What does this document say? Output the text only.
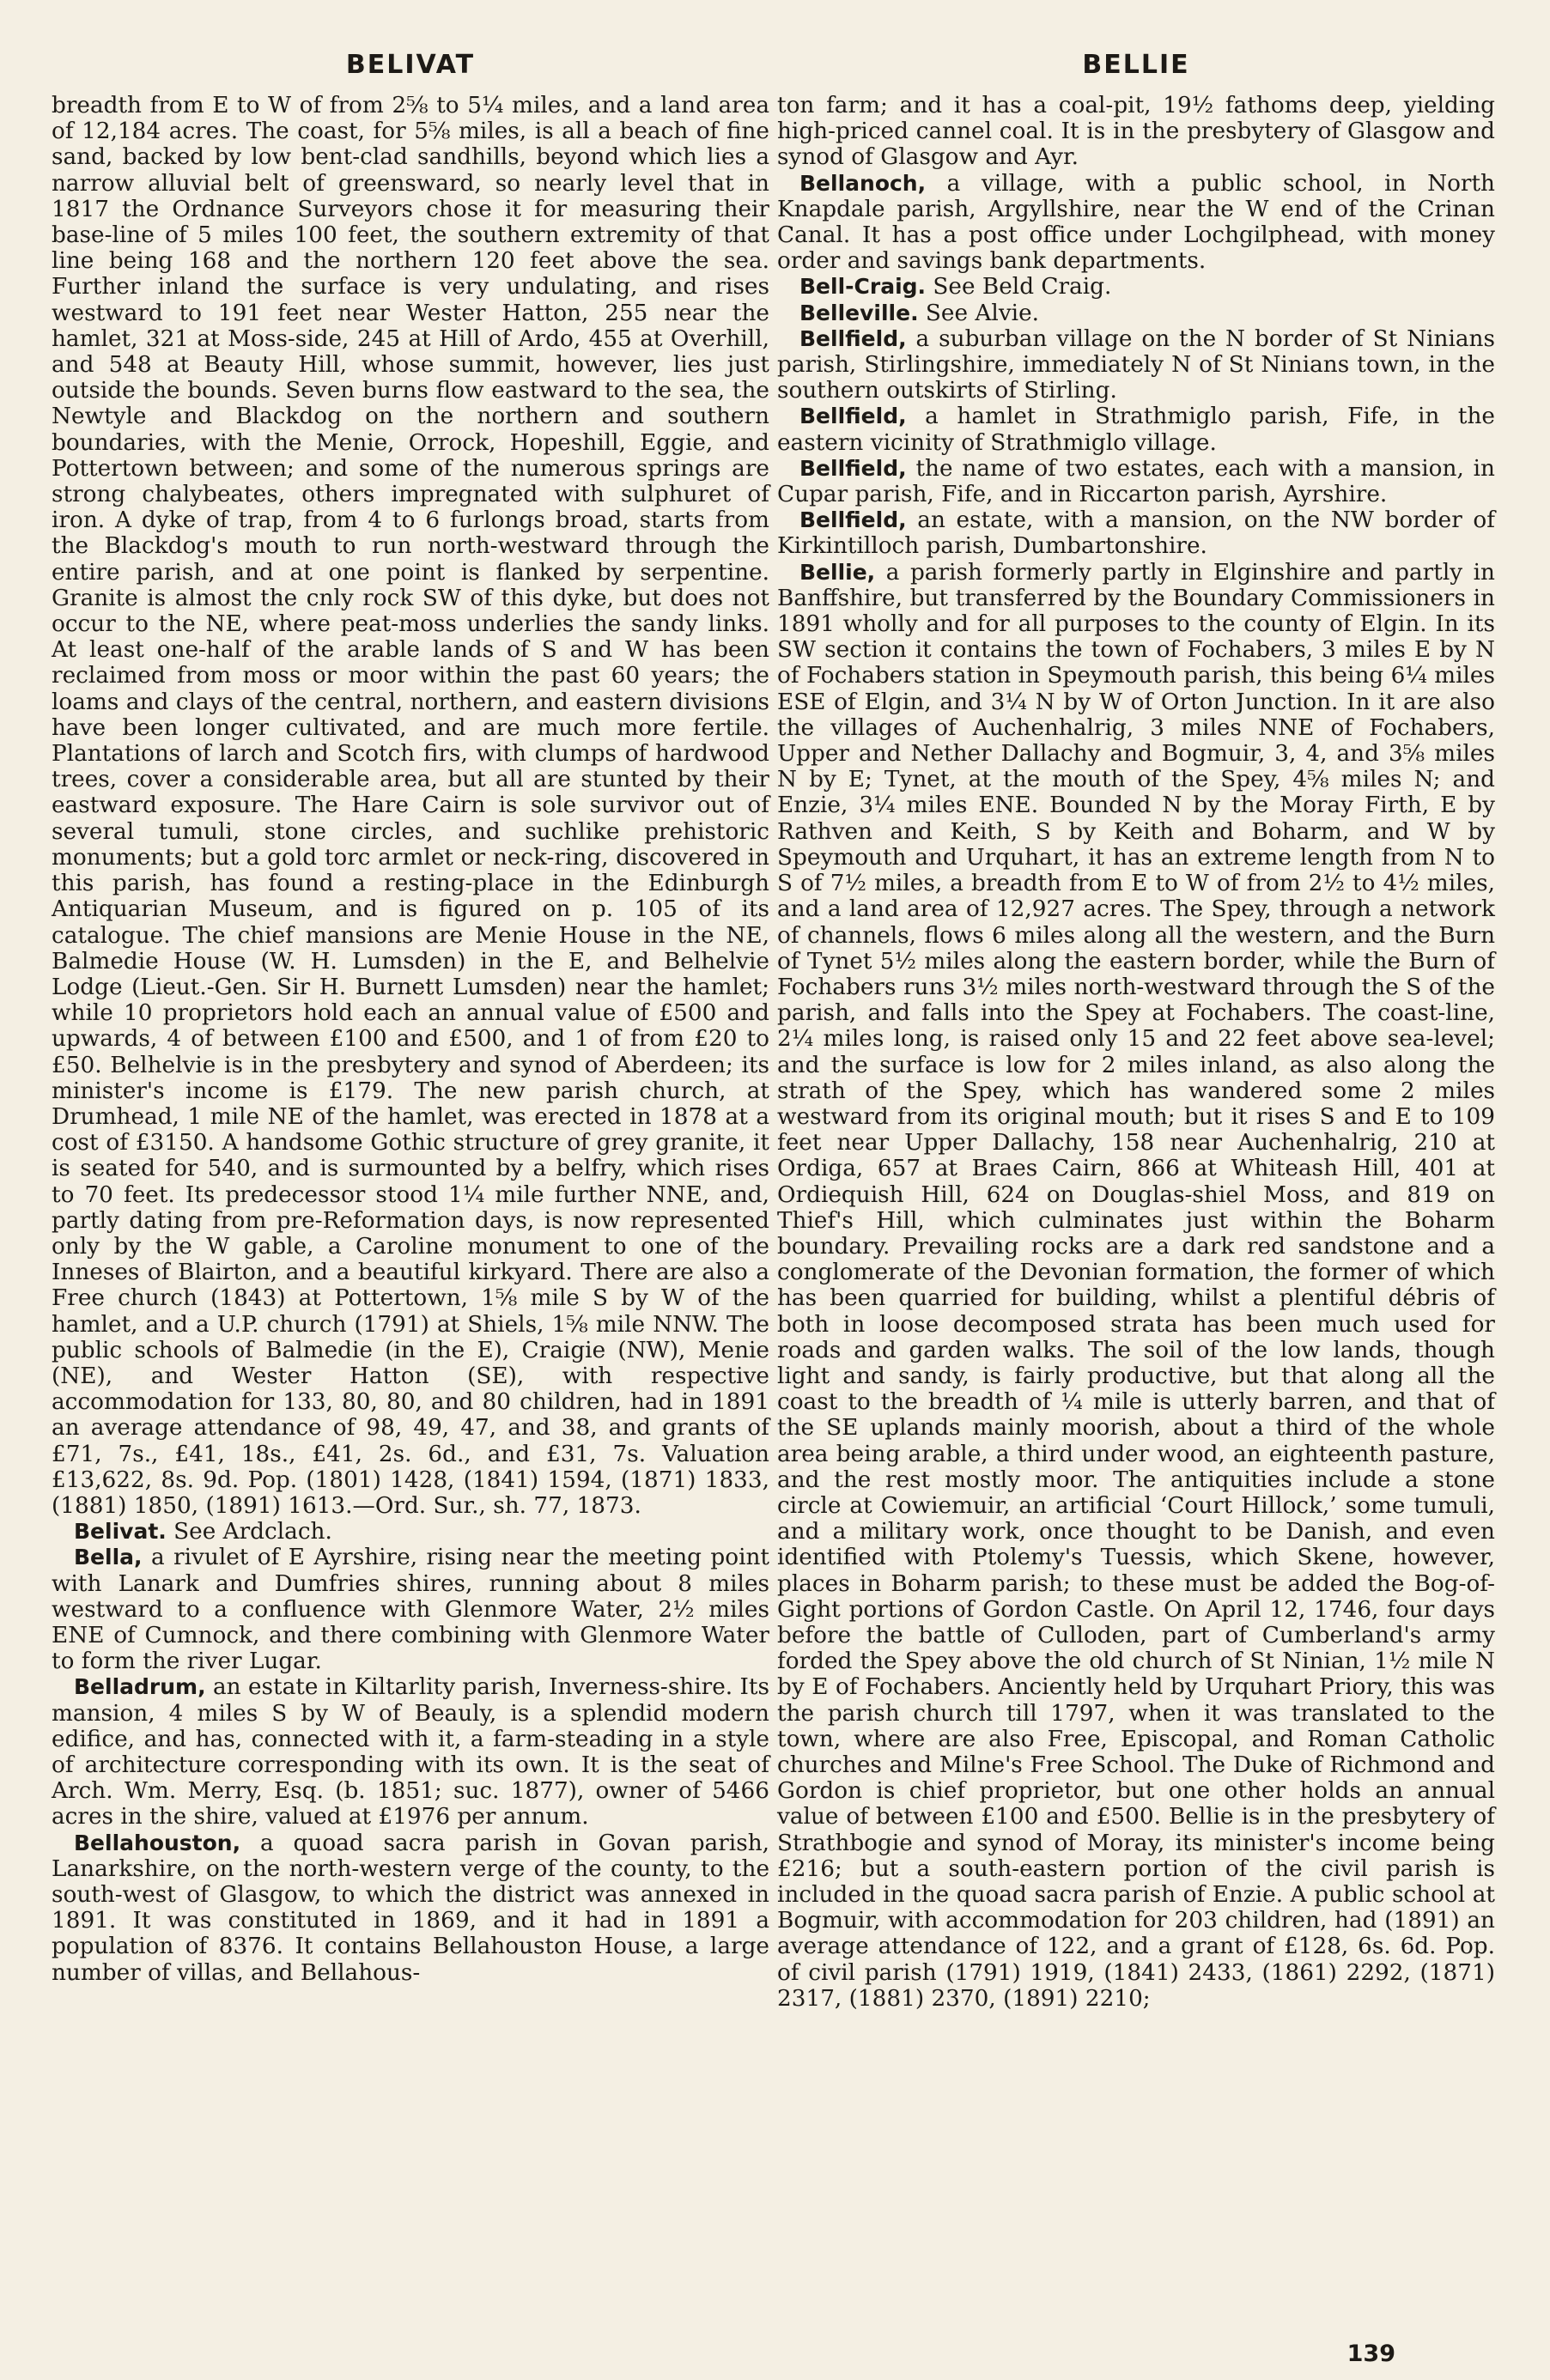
BELIVAT	BELLIE

breadth from E to W of from 2⅝ to 5¼ miles, and a land area of 12,184 acres. The coast, for 5⅝ miles, is all a beach of fine sand, backed by low bent-clad sandhills, beyond which lies a narrow alluvial belt of greensward, so nearly level that in 1817 the Ordnance Surveyors chose it for measuring their base-line of 5 miles 100 feet, the southern extremity of that line being 168 and the northern 120 feet above the sea. Further inland the surface is very undulating, and rises westward to 191 feet near Wester Hatton, 255 near the hamlet, 321 at Moss-side, 245 at Hill of Ardo, 455 at Overhill, and 548 at Beauty Hill, whose summit, however, lies just outside the bounds. Seven burns flow eastward to the sea, the Newtyle and Blackdog on the northern and southern boundaries, with the Menie, Orrock, Hopeshill, Eggie, and Pottertown between; and some of the numerous springs are strong chalybeates, others impregnated with sulphuret of iron. A dyke of trap, from 4 to 6 furlongs broad, starts from the Blackdog's mouth to run north-westward through the entire parish, and at one point is flanked by serpentine. Granite is almost the cnly rock SW of this dyke, but does not occur to the NE, where peat-moss underlies the sandy links. At least one-half of the arable lands of S and W has been reclaimed from moss or moor within the past 60 years; the loams and clays of the central, northern, and eastern divisions have been longer cultivated, and are much more fertile. Plantations of larch and Scotch firs, with clumps of hardwood trees, cover a considerable area, but all are stunted by their eastward exposure. The Hare Cairn is sole survivor out of several tumuli, stone circles, and suchlike prehistoric monuments; but a gold torc armlet or neck-ring, discovered in this parish, has found a resting-place in the Edinburgh Antiquarian Museum, and is figured on p. 105 of its catalogue. The chief mansions are Menie House in the NE, Balmedie House (W. H. Lumsden) in the E, and Belhelvie Lodge (Lieut.-Gen. Sir H. Burnett Lumsden) near the hamlet; while 10 proprietors hold each an annual value of £500 and upwards, 4 of between £100 and £500, and 1 of from £20 to £50. Belhelvie is in the presbytery and synod of Aberdeen; its minister's income is £179. The new parish church, at Drumhead, 1 mile NE of the hamlet, was erected in 1878 at a cost of £3150. A handsome Gothic structure of grey granite, it is seated for 540, and is surmounted by a belfry, which rises to 70 feet. Its predecessor stood 1¼ mile further NNE, and, partly dating from pre-Reformation days, is now represented only by the W gable, a Caroline monument to one of the Inneses of Blairton, and a beautiful kirkyard. There are also a Free church (1843) at Pottertown, 1⅝ mile S by W of the hamlet, and a U.P. church (1791) at Shiels, 1⅝ mile NNW. The public schools of Balmedie (in the E), Craigie (NW), Menie (NE), and Wester Hatton (SE), with respective accommodation for 133, 80, 80, and 80 children, had in 1891 an average attendance of 98, 49, 47, and 38, and grants of £71, 7s., £41, 18s., £41, 2s. 6d., and £31, 7s. Valuation £13,622, 8s. 9d. Pop. (1801) 1428, (1841) 1594, (1871) 1833, (1881) 1850, (1891) 1613.—Ord. Sur., sh. 77, 1873.

Belivat. See Ardclach.

Bella, a rivulet of E Ayrshire, rising near the meeting point with Lanark and Dumfries shires, running about 8 miles westward to a confluence with Glenmore Water, 2½ miles ENE of Cumnock, and there combining with Glenmore Water to form the river Lugar.

Belladrum, an estate in Kiltarlity parish, Inverness-shire. Its mansion, 4 miles S by W of Beauly, is a splendid modern edifice, and has, connected with it, a farm-steading in a style of architecture corresponding with its own. It is the seat of Arch. Wm. Merry, Esq. (b. 1851; suc. 1877), owner of 5466 acres in the shire, valued at £1976 per annum.

Bellahouston, a quoad sacra parish in Govan parish, Lanarkshire, on the north-western verge of the county, to the south-west of Glasgow, to which the district was annexed in 1891. It was constituted in 1869, and it had in 1891 a population of 8376. It contains Bellahouston House, a large number of villas, and Bellahous-

ton farm; and it has a coal-pit, 19½ fathoms deep, yielding high-priced cannel coal. It is in the presbytery of Glasgow and synod of Glasgow and Ayr.

Bellanoch, a village, with a public school, in North Knapdale parish, Argyllshire, near the W end of the Crinan Canal. It has a post office under Lochgilphead, with money order and savings bank departments.

Bell-Craig. See Beld Craig.

Belleville. See Alvie.

Bellfield, a suburban village on the N border of St Ninians parish, Stirlingshire, immediately N of St Ninians town, in the southern outskirts of Stirling.

Bellfield, a hamlet in Strathmiglo parish, Fife, in the eastern vicinity of Strathmiglo village.

Bellfield, the name of two estates, each with a mansion, in Cupar parish, Fife, and in Riccarton parish, Ayrshire.

Bellfield, an estate, with a mansion, on the NW border of Kirkintilloch parish, Dumbartonshire.

Bellie, a parish formerly partly in Elginshire and partly in Banffshire, but transferred by the Boundary Commissioners in 1891 wholly and for all purposes to the county of Elgin. In its SW section it contains the town of Fochabers, 3 miles E by N of Fochabers station in Speymouth parish, this being 6¼ miles ESE of Elgin, and 3¼ N by W of Orton Junction. In it are also the villages of Auchenhalrig, 3 miles NNE of Fochabers, Upper and Nether Dallachy and Bogmuir, 3, 4, and 3⅝ miles N by E; Tynet, at the mouth of the Spey, 4⅝ miles N; and Enzie, 3¼ miles ENE. Bounded N by the Moray Firth, E by Rathven and Keith, S by Keith and Boharm, and W by Speymouth and Urquhart, it has an extreme length from N to S of 7½ miles, a breadth from E to W of from 2½ to 4½ miles, and a land area of 12,927 acres. The Spey, through a network of channels, flows 6 miles along all the western, and the Burn of Tynet 5½ miles along the eastern border, while the Burn of Fochabers runs 3½ miles north-westward through the S of the parish, and falls into the Spey at Fochabers. The coast-line, 2¼ miles long, is raised only 15 and 22 feet above sea-level; and the surface is low for 2 miles inland, as also along the strath of the Spey, which has wandered some 2 miles westward from its original mouth; but it rises S and E to 109 feet near Upper Dallachy, 158 near Auchenhalrig, 210 at Ordiga, 657 at Braes Cairn, 866 at Whiteash Hill, 401 at Ordiequish Hill, 624 on Douglas-shiel Moss, and 819 on Thief's Hill, which culminates just within the Boharm boundary. Prevailing rocks are a dark red sandstone and a conglomerate of the Devonian formation, the former of which has been quarried for building, whilst a plentiful débris of both in loose decomposed strata has been much used for roads and garden walks. The soil of the low lands, though light and sandy, is fairly productive, but that along all the coast to the breadth of ¼ mile is utterly barren, and that of the SE uplands mainly moorish, about a third of the whole area being arable, a third under wood, an eighteenth pasture, and the rest mostly moor. The antiquities include a stone circle at Cowiemuir, an artificial ‘Court Hillock,’ some tumuli, and a military work, once thought to be Danish, and even identified with Ptolemy's Tuessis, which Skene, however, places in Boharm parish; to these must be added the Bog-of-Gight portions of Gordon Castle. On April 12, 1746, four days before the battle of Culloden, part of Cumberland's army forded the Spey above the old church of St Ninian, 1½ mile N by E of Fochabers. Anciently held by Urquhart Priory, this was the parish church till 1797, when it was translated to the town, where are also Free, Episcopal, and Roman Catholic churches and Milne's Free School. The Duke of Richmond and Gordon is chief proprietor, but one other holds an annual value of between £100 and £500. Bellie is in the presbytery of Strathbogie and synod of Moray, its minister's income being £216; but a south-eastern portion of the civil parish is included in the quoad sacra parish of Enzie. A public school at Bogmuir, with accommodation for 203 children, had (1891) an average attendance of 122, and a grant of £128, 6s. 6d. Pop. of civil parish (1791) 1919, (1841) 2433, (1861) 2292, (1871) 2317, (1881) 2370, (1891) 2210;

139
